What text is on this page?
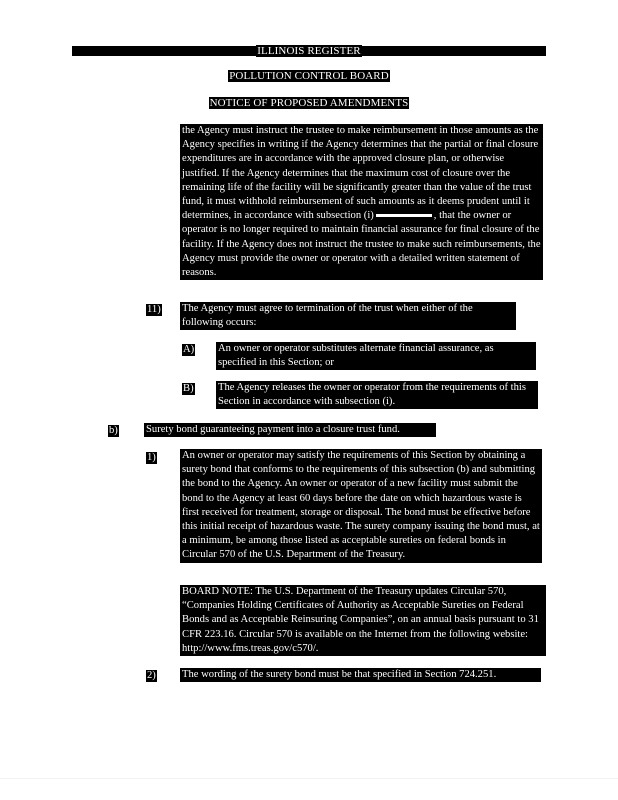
ILLINOIS REGISTER
POLLUTION CONTROL BOARD
NOTICE OF PROPOSED AMENDMENTS
the Agency must instruct the trustee to make reimbursement in those amounts as the Agency specifies in writing if the Agency determines that the partial or final closure expenditures are in accordance with the approved closure plan, or otherwise justified. If the Agency determines that the maximum cost of closure over the remaining life of the facility will be significantly greater than the value of the trust fund, it must withhold reimbursement of such amounts as it deems prudent until it determines, in accordance with subsection (i)	, that the owner or operator is no longer required to maintain financial assurance for final closure of the facility. If the Agency does not instruct the trustee to make such reimbursements, the Agency must provide the owner or operator with a detailed written statement of reasons.
11) The Agency must agree to termination of the trust when either of the following occurs:
A) An owner or operator substitutes alternate financial assurance, as specified in this Section; or
B) The Agency releases the owner or operator from the requirements of this Section in accordance with subsection (i).
b)	Surety bond guaranteeing payment into a closure trust fund.
1) An owner or operator may satisfy the requirements of this Section by obtaining a surety bond that conforms to the requirements of this subsection (b) and submitting the bond to the Agency. An owner or operator of a new facility must submit the bond to the Agency at least 60 days before the date on which hazardous waste is first received for treatment, storage or disposal. The bond must be effective before this initial receipt of hazardous waste. The surety company issuing the bond must, at a minimum, be among those listed as acceptable sureties on federal bonds in Circular 570 of the U.S. Department of the Treasury.
BOARD NOTE: The U.S. Department of the Treasury updates Circular 570, “Companies Holding Certificates of Authority as Acceptable Sureties on Federal Bonds and as Acceptable Reinsuring Companies”, on an annual basis pursuant to 31 CFR 223.16. Circular 570 is available on the Internet from the following website: http://www.fms.treas.gov/c570/.
2) The wording of the surety bond must be that specified in Section 724.251.
